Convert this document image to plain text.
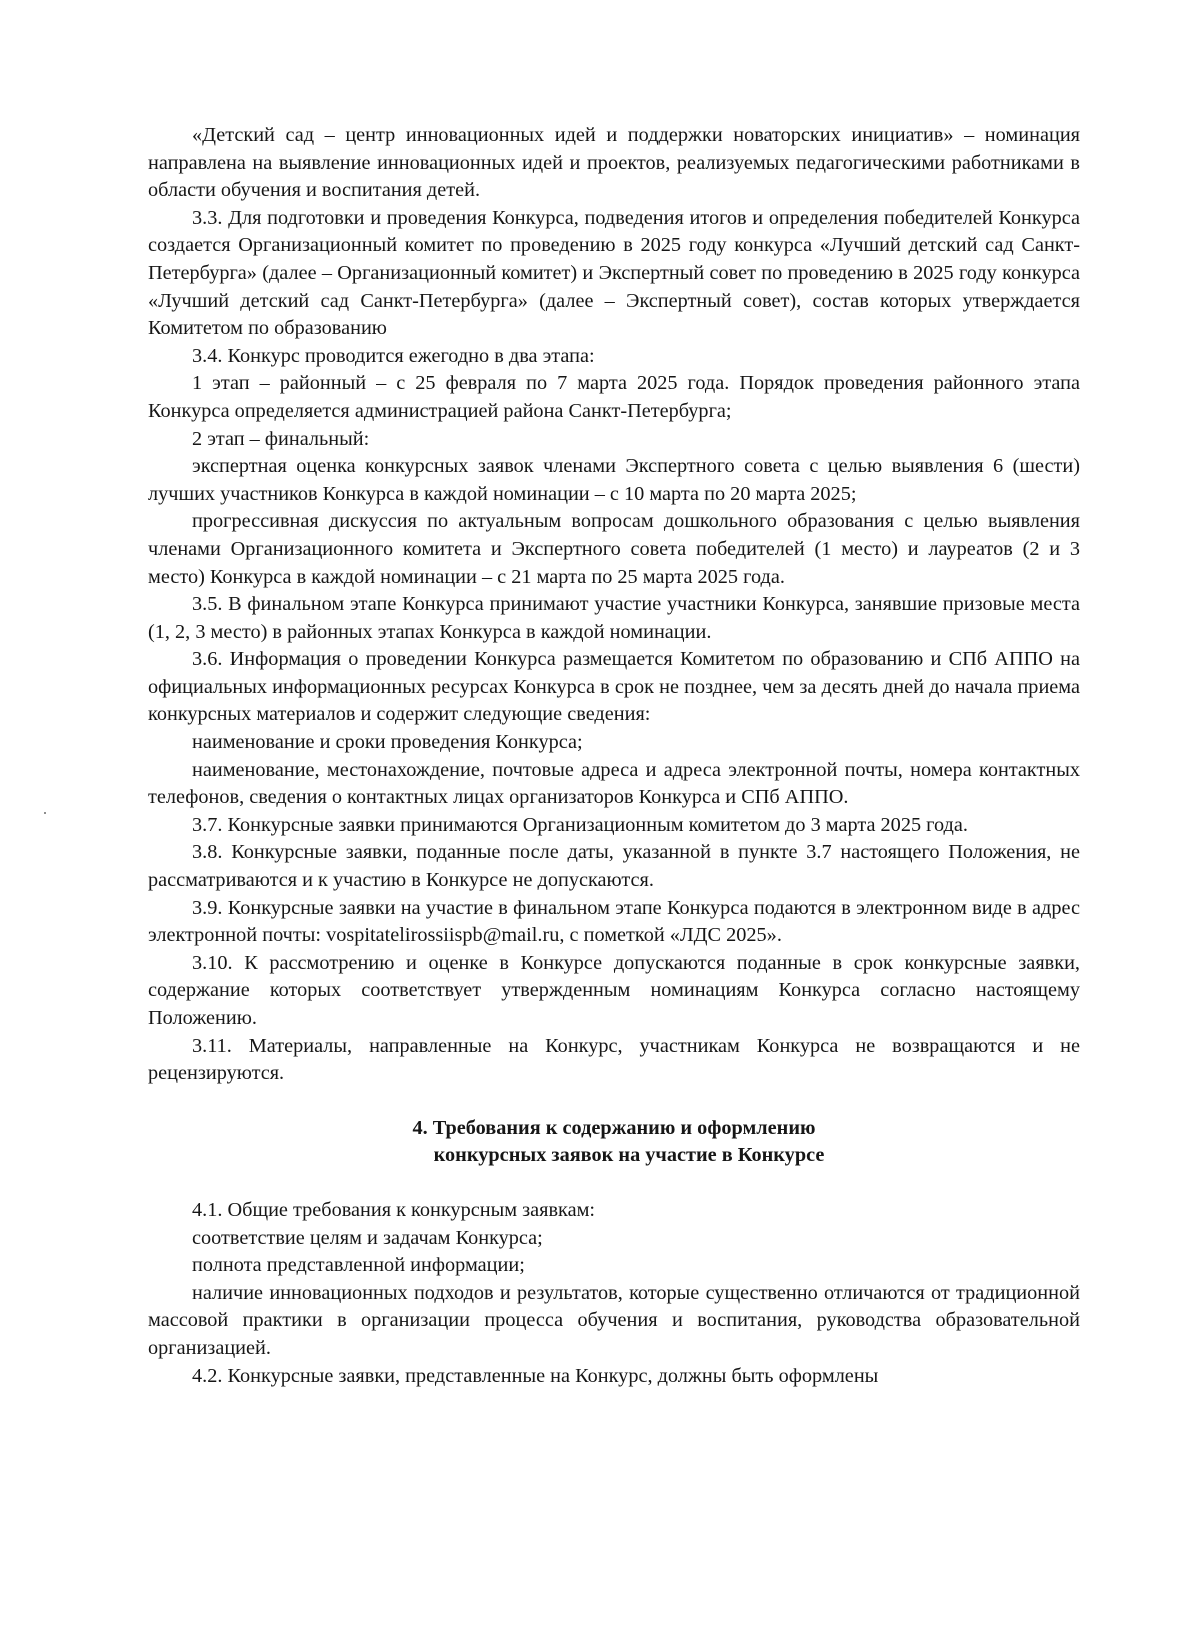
«Детский сад – центр инновационных идей и поддержки новаторских инициатив» – номинация направлена на выявление инновационных идей и проектов, реализуемых педагогическими работниками в области обучения и воспитания детей.

3.3. Для подготовки и проведения Конкурса, подведения итогов и определения победителей Конкурса создается Организационный комитет по проведению в 2025 году конкурса «Лучший детский сад Санкт-Петербурга» (далее – Организационный комитет) и Экспертный совет по проведению в 2025 году конкурса «Лучший детский сад Санкт-Петербурга» (далее – Экспертный совет), состав которых утверждается Комитетом по образованию

3.4. Конкурс проводится ежегодно в два этапа:

1 этап – районный – с 25 февраля по 7 марта 2025 года. Порядок проведения районного этапа Конкурса определяется администрацией района Санкт-Петербурга;

2 этап – финальный:

экспертная оценка конкурсных заявок членами Экспертного совета с целью выявления 6 (шести) лучших участников Конкурса в каждой номинации – с 10 марта по 20 марта 2025;

прогрессивная дискуссия по актуальным вопросам дошкольного образования с целью выявления членами Организационного комитета и Экспертного совета победителей (1 место) и лауреатов (2 и 3 место) Конкурса в каждой номинации – с 21 марта по 25 марта 2025 года.

3.5. В финальном этапе Конкурса принимают участие участники Конкурса, занявшие призовые места (1, 2, 3 место) в районных этапах Конкурса в каждой номинации.

3.6. Информация о проведении Конкурса размещается Комитетом по образованию и СПб АППО на официальных информационных ресурсах Конкурса в срок не позднее, чем за десять дней до начала приема конкурсных материалов и содержит следующие сведения:

наименование и сроки проведения Конкурса;

наименование, местонахождение, почтовые адреса и адреса электронной почты, номера контактных телефонов, сведения о контактных лицах организаторов Конкурса и СПб АППО.

3.7. Конкурсные заявки принимаются Организационным комитетом до 3 марта 2025 года.

3.8. Конкурсные заявки, поданные после даты, указанной в пункте 3.7 настоящего Положения, не рассматриваются и к участию в Конкурсе не допускаются.

3.9. Конкурсные заявки на участие в финальном этапе Конкурса подаются в электронном виде в адрес электронной почты: vospitatelirossiispb@mail.ru, с пометкой «ЛДС 2025».

3.10. К рассмотрению и оценке в Конкурсе допускаются поданные в срок конкурсные заявки, содержание которых соответствует утвержденным номинациям Конкурса согласно настоящему Положению.

3.11. Материалы, направленные на Конкурс, участникам Конкурса не возвращаются и не рецензируются.

4. Требования к содержанию и оформлению
конкурсных заявок на участие в Конкурсе

4.1. Общие требования к конкурсным заявкам:

соответствие целям и задачам Конкурса;

полнота представленной информации;

наличие инновационных подходов и результатов, которые существенно отличаются от традиционной массовой практики в организации процесса обучения и воспитания, руководства образовательной организацией.

4.2. Конкурсные заявки, представленные на Конкурс, должны быть оформлены
